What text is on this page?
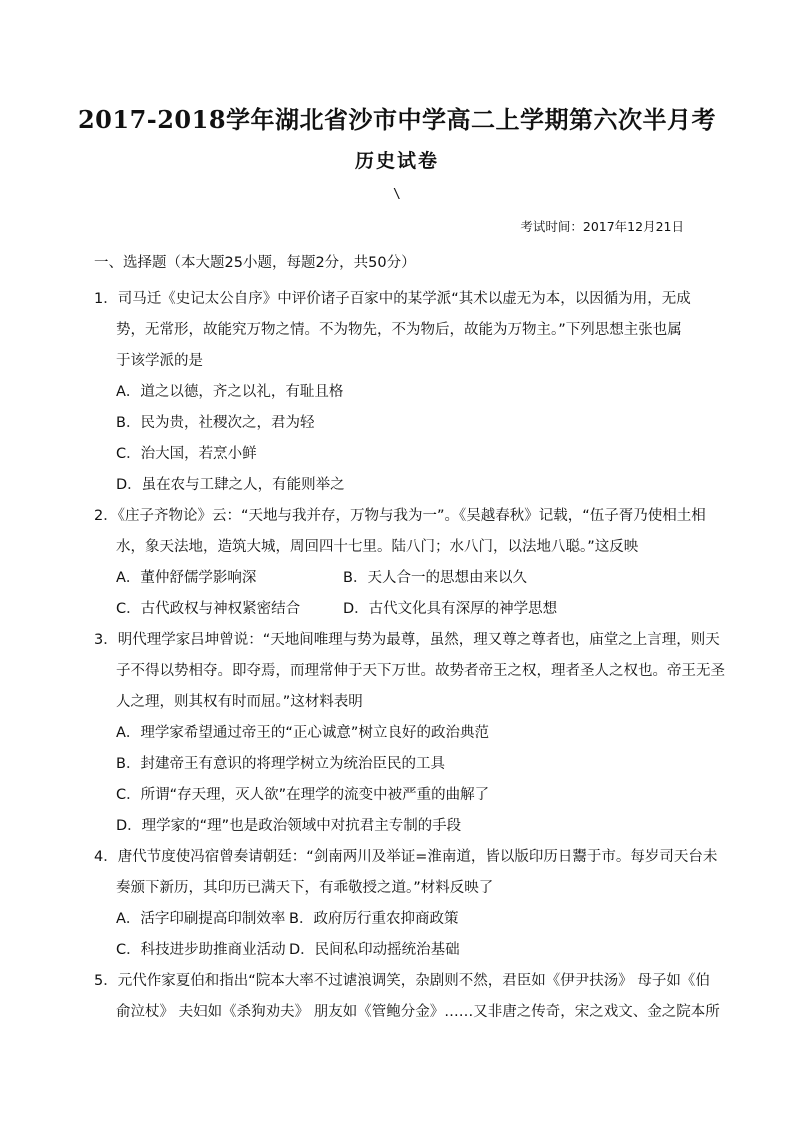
2017-2018学年湖北省沙市中学高二上学期第六次半月考
历史试卷
\
考试时间：2017年12月21日
一、选择题（本大题25小题，每题2分，共50分）
1．司马迁《史记太公自序》中评价诸子百家中的某学派“其术以虚无为本，以因循为用，无成
势，无常形，故能究万物之情。不为物先，不为物后，故能为万物主。”下列思想主张也属
于该学派的是
A．道之以德，齐之以礼，有耻且格
B．民为贵，社稷次之，君为轻
C．治大国，若烹小鲜
D．虽在农与工肆之人，有能则举之
2．《庄子齐物论》云：“天地与我并存，万物与我为一”。《吴越春秋》记载，“伍子胥乃使相土相
水，象天法地，造筑大城，周回四十七里。陆八门；水八门，以法地八聪。”这反映
A．董仲舒儒学影响深	B．天人合一的思想由来以久
C．古代政权与神权紧密结合	D．古代文化具有深厚的神学思想
3．明代理学家吕坤曾说：“天地间唯理与势为最尊，虽然，理又尊之尊者也，庙堂之上言理，则天
子不得以势相夺。即夺焉，而理常伸于天下万世。故势者帝王之权，理者圣人之权也。帝王无圣
人之理，则其权有时而屈。”这材料表明
A．理学家希望通过帝王的“正心诚意”树立良好的政治典范
B．封建帝王有意识的将理学树立为统治臣民的工具
C．所谓“存天理，灭人欲”在理学的流变中被严重的曲解了
D．理学家的“理”也是政治领域中对抗君主专制的手段
4．唐代节度使冯宿曾奏请朝廷：“剑南两川及举证=淮南道，皆以版印历日鬻于市。每岁司天台未
奏颁下新历，其印历已满天下，有乖敬授之道。”材料反映了
A．活字印刷提高印制效率 B．政府厉行重农抑商政策
C．科技进步助推商业活动 D．民间私印动摇统治基础
5．元代作家夏伯和指出“院本大率不过谑浪调笑，杂剧则不然，君臣如《伊尹扶汤》 母子如《伯
俞泣杖》 夫妇如《杀狗劝夫》 朋友如《管鲍分金》……又非唐之传奇，宋之戏文、金之院本所
